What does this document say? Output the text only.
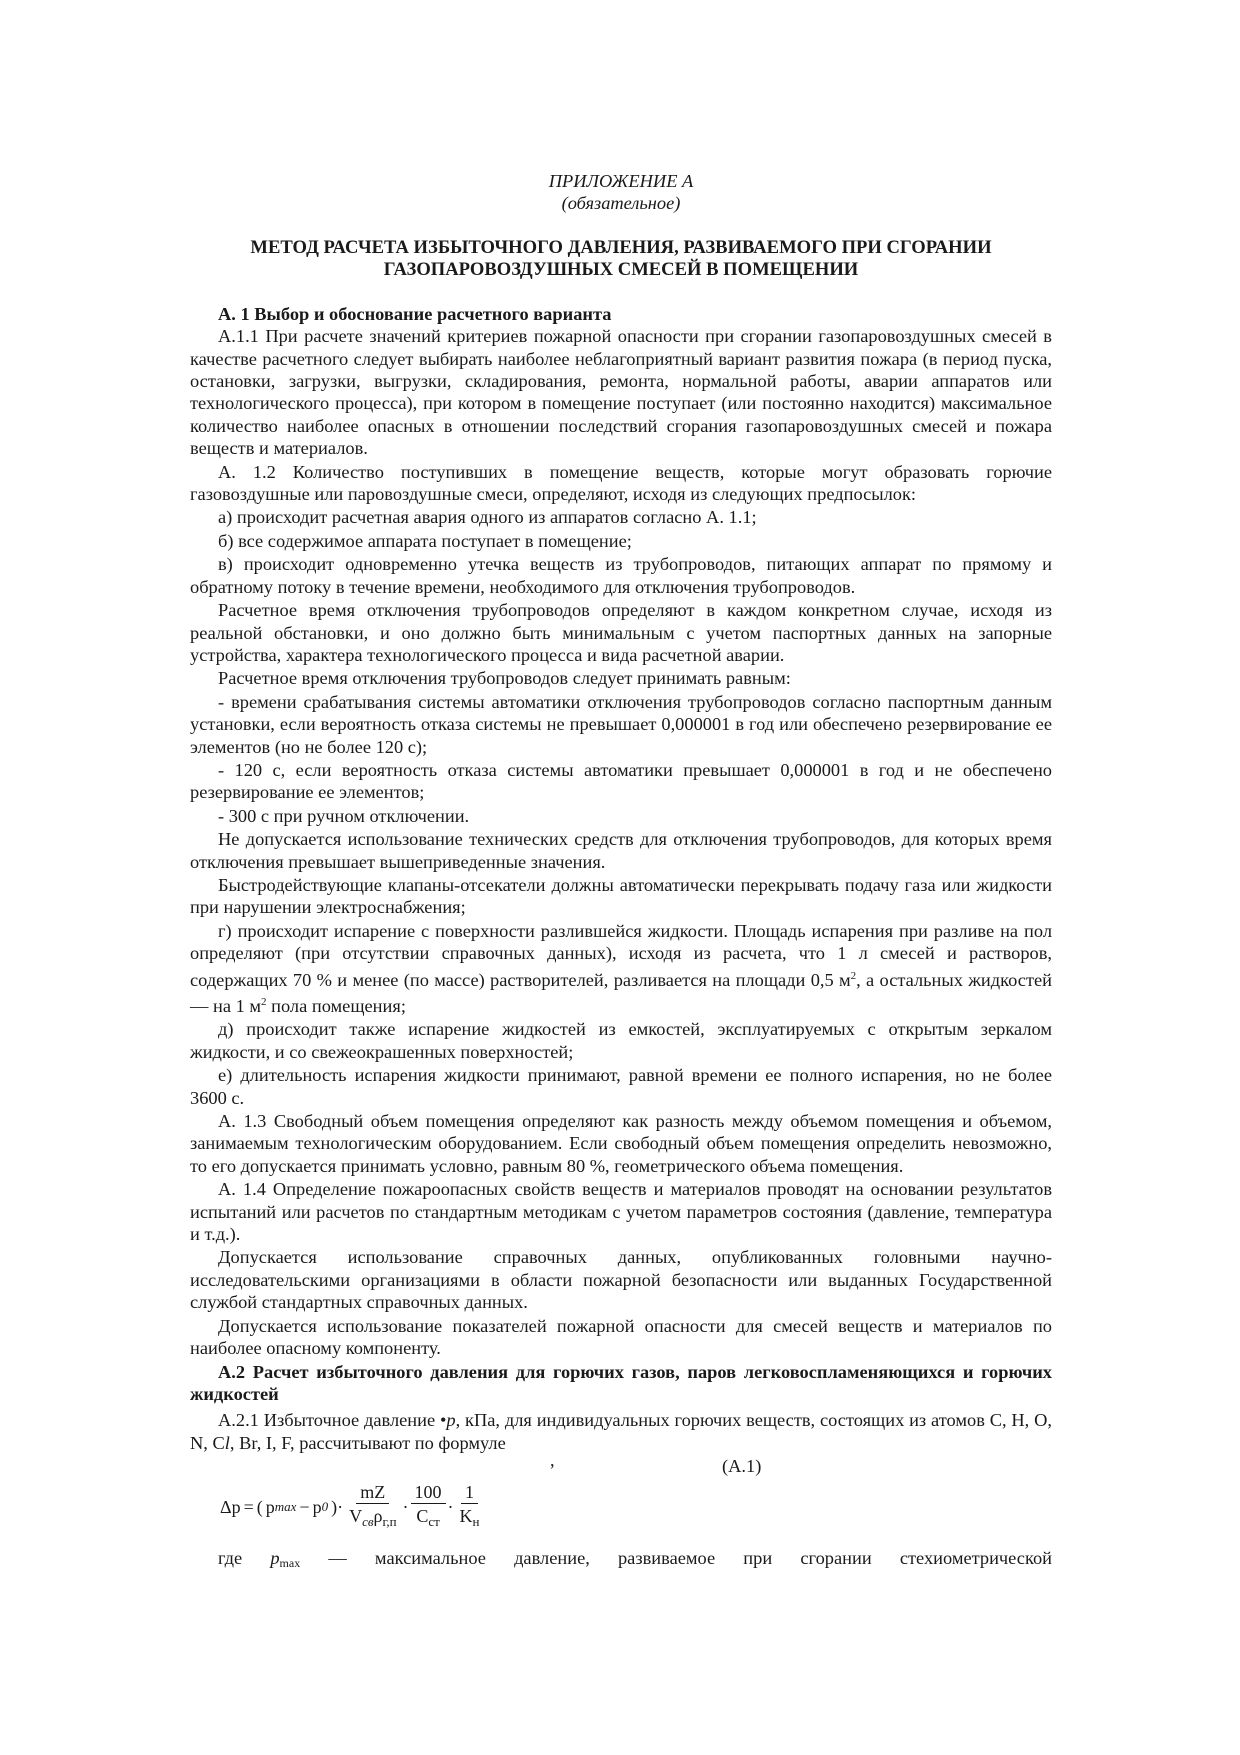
ПРИЛОЖЕНИЕ А
(обязательное)
МЕТОД РАСЧЕТА ИЗБЫТОЧНОГО ДАВЛЕНИЯ, РАЗВИВАЕМОГО ПРИ СГОРАНИИ
ГАЗОПАРОВОЗДУШНЫХ СМЕСЕЙ В ПОМЕЩЕНИИ

А. 1 Выбор и обоснование расчетного варианта

А.1.1 При расчете значений критериев пожарной опасности при сгорании газопаровоздушных смесей в качестве расчетного следует выбирать наиболее неблагоприятный вариант развития пожара (в период пуска, остановки, загрузки, выгрузки, складирования, ремонта, нормальной работы, аварии аппаратов или технологического процесса), при котором в помещение поступает (или постоянно находится) максимальное количество наиболее опасных в отношении последствий сгорания газопаровоздушных смесей и пожара веществ и материалов.

А. 1.2 Количество поступивших в помещение веществ, которые могут образовать горючие газовоздушные или паровоздушные смеси, определяют, исходя из следующих предпосылок:

а) происходит расчетная авария одного из аппаратов согласно А. 1.1;

б) все содержимое аппарата поступает в помещение;

в) происходит одновременно утечка веществ из трубопроводов, питающих аппарат по прямому и обратному потоку в течение времени, необходимого для отключения трубопроводов.

Расчетное время отключения трубопроводов определяют в каждом конкретном случае, исходя из реальной обстановки, и оно должно быть минимальным с учетом паспортных данных на запорные устройства, характера технологического процесса и вида расчетной аварии.

Расчетное время отключения трубопроводов следует принимать равным:

- времени срабатывания системы автоматики отключения трубопроводов согласно паспортным данным установки, если вероятность отказа системы не превышает 0,000001 в год или обеспечено резервирование ее элементов (но не более 120 с);

- 120 с, если вероятность отказа системы автоматики превышает 0,000001 в год и не обеспечено резервирование ее элементов;

- 300 с при ручном отключении.

Не допускается использование технических средств для отключения трубопроводов, для которых время отключения превышает вышеприведенные значения.

Быстродействующие клапаны-отсекатели должны автоматически перекрывать подачу газа или жидкости при нарушении электроснабжения;

г) происходит испарение с поверхности разлившейся жидкости. Площадь испарения при разливе на пол определяют (при отсутствии справочных данных), исходя из расчета, что 1 л смесей и растворов, содержащих 70 % и менее (по массе) растворителей, разливается на площади 0,5 $м^2$, а остальных жидкостей — на 1 $м^2$ пола помещения;

д) происходит также испарение жидкостей из емкостей, эксплуатируемых с открытым зеркалом жидкости, и со свежеокрашенных поверхностей;

е) длительность испарения жидкости принимают, равной времени ее полного испарения, но не более 3600 с.

А. 1.3 Свободный объем помещения определяют как разность между объемом помещения и объемом, занимаемым технологическим оборудованием. Если свободный объем помещения определить невозможно, то его допускается принимать условно, равным 80 %, геометрического объема помещения.

А. 1.4 Определение пожароопасных свойств веществ и материалов проводят на основании результатов испытаний или расчетов по стандартным методикам с учетом параметров состояния (давление, температура и т.д.).

Допускается использование справочных данных, опубликованных головными научно-исследовательскими организациями в области пожарной безопасности или выданных Государственной службой стандартных справочных данных.

Допускается использование показателей пожарной опасности для смесей веществ и материалов по наиболее опасному компоненту.

А.2 Расчет избыточного давления для горючих газов, паров легковоспламеняющихся и горючих жидкостей

А.2.1 Избыточное давление •p, кПа, для индивидуальных горючих веществ, состоящих из атомов С, Н, О, N, Cl, Br, I, F, рассчитывают по формуле

,	(А.1)
Δp = ( p max − p 0 ) · $\frac{mZ}{V_{св}\rho_{г,п}} \cdot \frac{100}{C_{ст}} \cdot \frac{1}{K_н}$

где pmax — максимальное давление, развиваемое при сгорании стехиометрической
